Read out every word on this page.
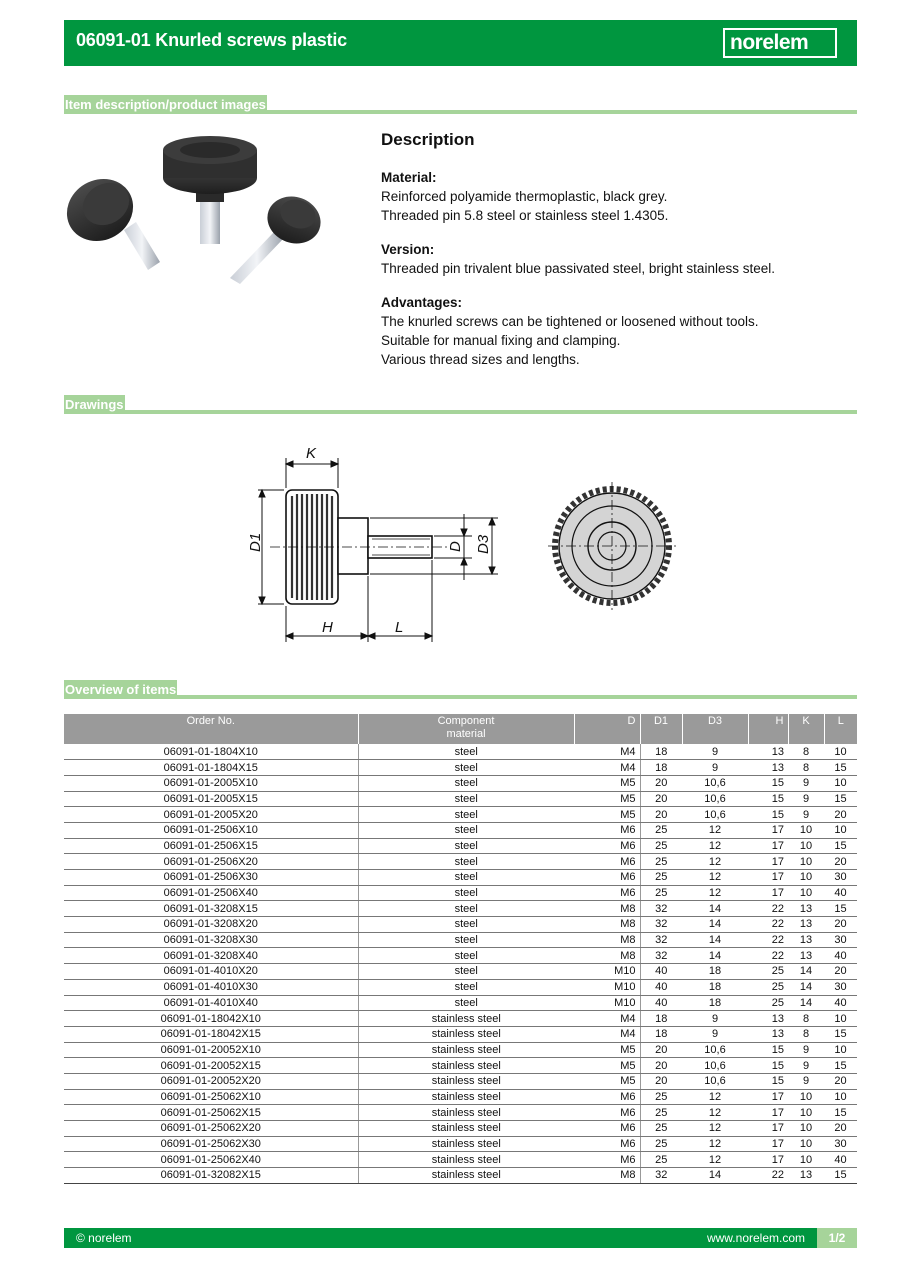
06091-01 Knurled screws plastic	norelem
Item description/product images
Description
Material:
Reinforced polyamide thermoplastic, black grey.
Threaded pin 5.8 steel or stainless steel 1.4305.
Version:
Threaded pin trivalent blue passivated steel, bright stainless steel.
Advantages:
The knurled screws can be tightened or loosened without tools.
Suitable for manual fixing and clamping.
Various thread sizes and lengths.
Drawings
K
D1	D D3
H	L
Overview of items
Order No.	Component
material	D	D1	D3	H	K	L
06091-01-1804X10	steel	M4	18	9	13	8	10
06091-01-1804X15	steel	M4	18	9	13	8	15
06091-01-2005X10	steel	M5	20	10,6	15	9	10
06091-01-2005X15	steel	M5	20	10,6	15	9	15
06091-01-2005X20	steel	M5	20	10,6	15	9	20
06091-01-2506X10	steel	M6	25	12	17	10	10
06091-01-2506X15	steel	M6	25	12	17	10	15
06091-01-2506X20	steel	M6	25	12	17	10	20
06091-01-2506X30	steel	M6	25	12	17	10	30
06091-01-2506X40	steel	M6	25	12	17	10	40
06091-01-3208X15	steel	M8	32	14	22	13	15
06091-01-3208X20	steel	M8	32	14	22	13	20
06091-01-3208X30	steel	M8	32	14	22	13	30
06091-01-3208X40	steel	M8	32	14	22	13	40
06091-01-4010X20	steel	M10	40	18	25	14	20
06091-01-4010X30	steel	M10	40	18	25	14	30
06091-01-4010X40	steel	M10	40	18	25	14	40
06091-01-18042X10	stainless steel	M4	18	9	13	8	10
06091-01-18042X15	stainless steel	M4	18	9	13	8	15
06091-01-20052X10	stainless steel	M5	20	10,6	15	9	10
06091-01-20052X15	stainless steel	M5	20	10,6	15	9	15
06091-01-20052X20	stainless steel	M5	20	10,6	15	9	20
06091-01-25062X10	stainless steel	M6	25	12	17	10	10
06091-01-25062X15	stainless steel	M6	25	12	17	10	15
06091-01-25062X20	stainless steel	M6	25	12	17	10	20
06091-01-25062X30	stainless steel	M6	25	12	17	10	30
06091-01-25062X40	stainless steel	M6	25	12	17	10	40
06091-01-32082X15	stainless steel	M8	32	14	22	13	15
© norelem	www.norelem.com	1/2
